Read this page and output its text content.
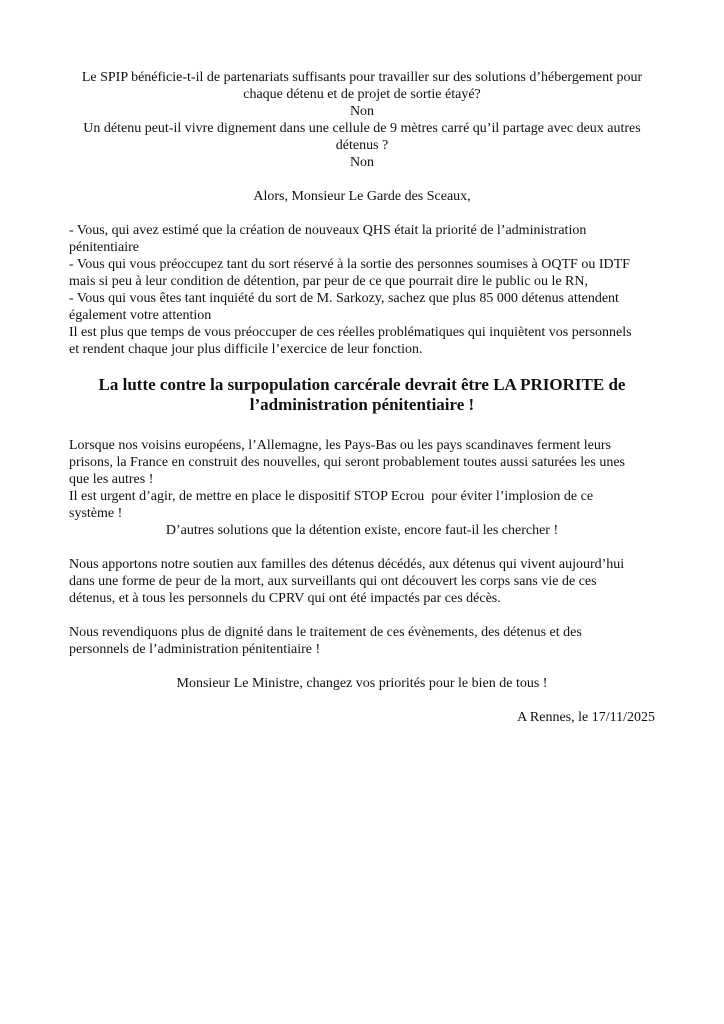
Le SPIP bénéficie-t-il de partenariats suffisants pour travailler sur des solutions d’hébergement pour
chaque détenu et de projet de sortie étayé?
Non
Un détenu peut-il vivre dignement dans une cellule de 9 mètres carré qu’il partage avec deux autres
détenus ?
Non
Alors, Monsieur Le Garde des Sceaux,
- Vous, qui avez estimé que la création de nouveaux QHS était la priorité de l’administration
pénitentiaire
- Vous qui vous préoccupez tant du sort réservé à la sortie des personnes soumises à OQTF ou IDTF
mais si peu à leur condition de détention, par peur de ce que pourrait dire le public ou le RN,
- Vous qui vous êtes tant inquiété du sort de M. Sarkozy, sachez que plus 85 000 détenus attendent
également votre attention
Il est plus que temps de vous préoccuper de ces réelles problématiques qui inquiètent vos personnels
et rendent chaque jour plus difficile l’exercice de leur fonction.
La lutte contre la surpopulation carcérale devrait être LA PRIORITE de
l’administration pénitentiaire !
Lorsque nos voisins européens, l’Allemagne, les Pays-Bas ou les pays scandinaves ferment leurs
prisons, la France en construit des nouvelles, qui seront probablement toutes aussi saturées les unes
que les autres !
Il est urgent d’agir, de mettre en place le dispositif STOP Ecrou  pour éviter l’implosion de ce
système !
D’autres solutions que la détention existe, encore faut-il les chercher !
Nous apportons notre soutien aux familles des détenus décédés, aux détenus qui vivent aujourd’hui
dans une forme de peur de la mort, aux surveillants qui ont découvert les corps sans vie de ces
détenus, et à tous les personnels du CPRV qui ont été impactés par ces décès.
Nous revendiquons plus de dignité dans le traitement de ces évènements, des détenus et des
personnels de l’administration pénitentiaire !
Monsieur Le Ministre, changez vos priorités pour le bien de tous !
A Rennes, le 17/11/2025
